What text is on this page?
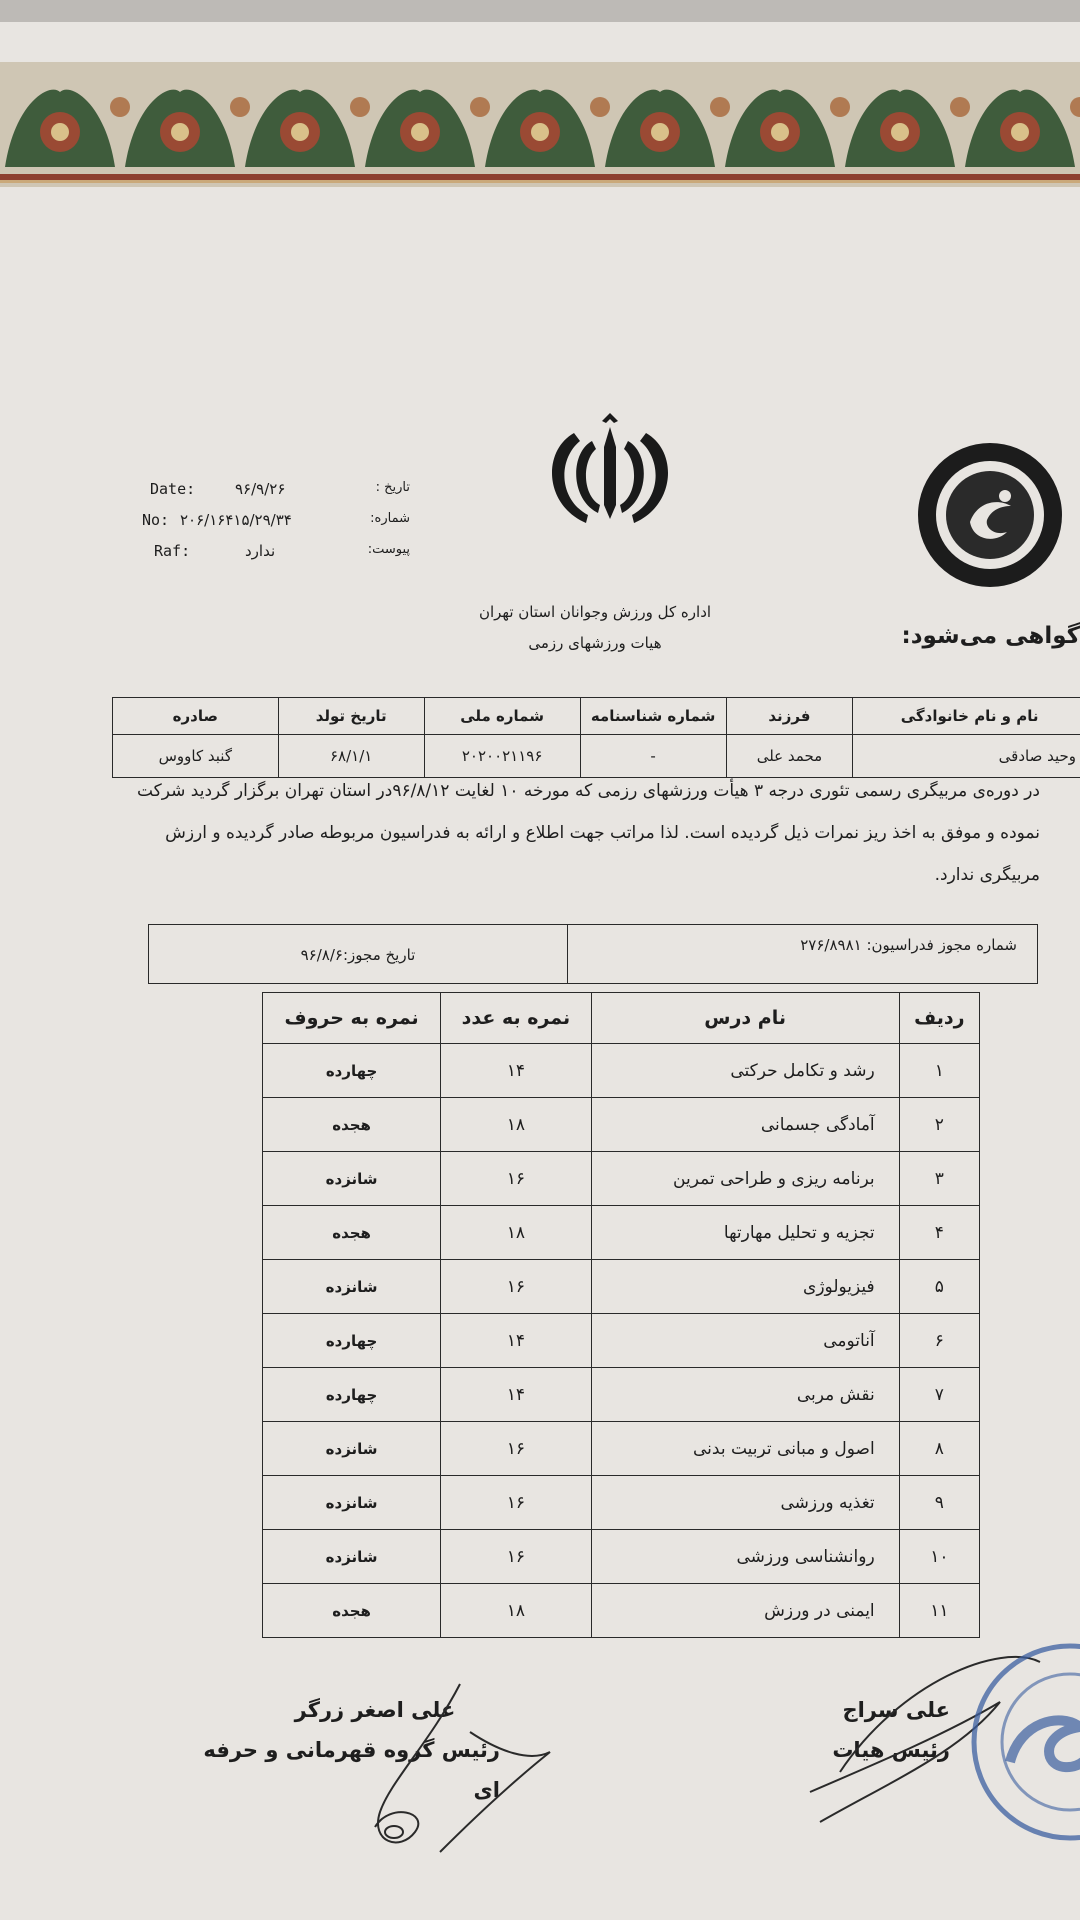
Date:	۹۶/۹/۲۶	تاریخ :
No: ۲۰۶/۱۶۴۱۵/۲۹/۳۴	شماره:
Raf:	ندارد	پیوست:
اداره کل ورزش وجوانان استان تهران
هیات ورزشهای رزمی	گواهی می‌شود:
نام و نام خانوادگی	فرزند	شماره شناسنامه	شماره ملی	تاریخ تولد	صادره
وحید صادقی	محمد علی	-	۲۰۲۰۰۲۱۱۹۶	۶۸/۱/۱	گنبد کاووس
در دوره‌ی مربیگری رسمی تئوری درجه ۳ هیأت ورزشهای رزمی که مورخه ۱۰ لغایت ۹۶/۸/۱۲در استان تهران برگزار گردید شرکت نموده و موفق به اخذ ریز نمرات ذیل گردیده است. لذا مراتب جهت اطلاع و ارائه به فدراسیون مربوطه صادر گردیده و ارزش مربیگری ندارد.
شماره مجوز فدراسیون: ۲۷۶/۸۹۸۱
تاریخ مجوز:۹۶/۸/۶
ردیف	نام درس	نمره به عدد	نمره به حروف
۱	رشد و تکامل حرکتی	۱۴	چهارده
۲	آمادگی جسمانی	۱۸	هجده
۳	برنامه ریزی و طراحی تمرین	۱۶	شانزده
۴	تجزیه و تحلیل مهارتها	۱۸	هجده
۵	فیزیولوژی	۱۶	شانزده
۶	آناتومی	۱۴	چهارده
۷	نقش مربی	۱۴	چهارده
۸	اصول و مبانی تربیت بدنی	۱۶	شانزده
۹	تغذیه ورزشی	۱۶	شانزده
۱۰	روانشناسی ورزشی	۱۶	شانزده
۱۱	ایمنی در ورزش	۱۸	هجده
علی اصغر زرگر
رئیس گروه قهرمانی و حرفه ای
علی سراج
رئیس هیات
